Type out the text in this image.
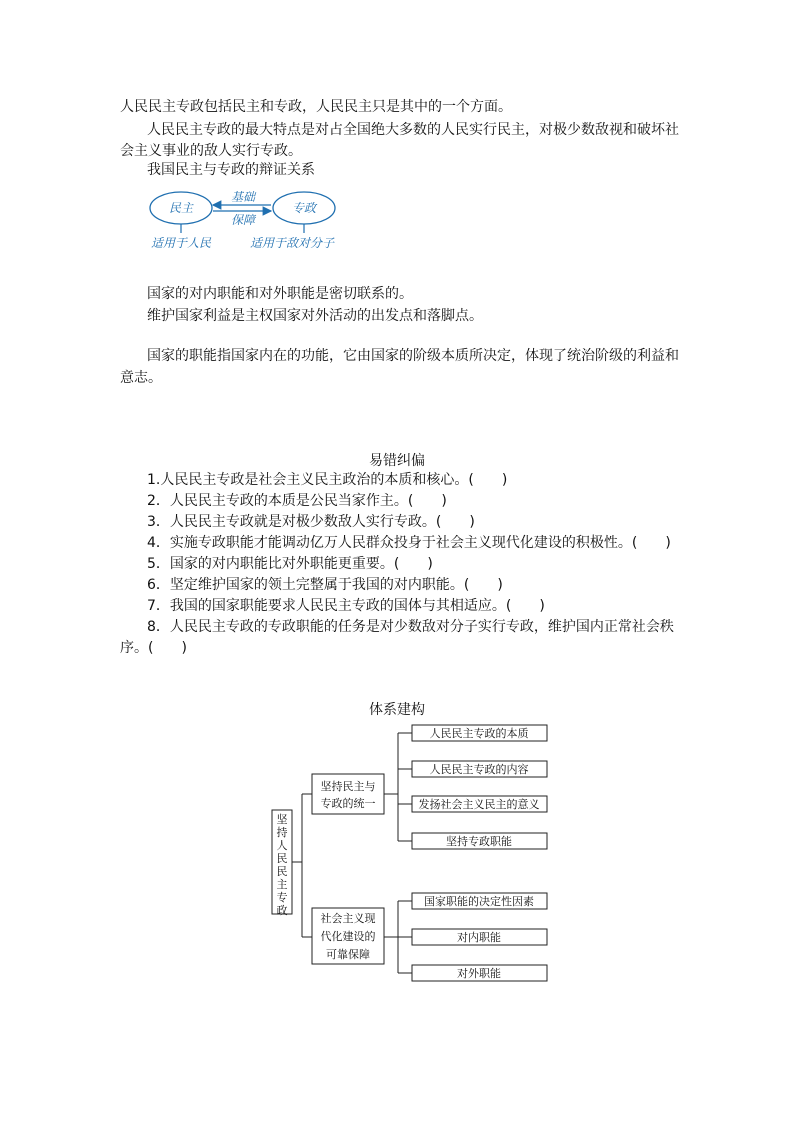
人民民主专政包括民主和专政，人民民主只是其中的一个方面。
人民民主专政的最大特点是对占全国绝大多数的人民实行民主，对极少数敌视和破坏社
会主义事业的敌人实行专政。
我国民主与专政的辩证关系
民主	专政
基础
保障
适用于人民	适用于敌对分子
国家的对内职能和对外职能是密切联系的。
维护国家利益是主权国家对外活动的出发点和落脚点。
国家的职能指国家内在的功能，它由国家的阶级本质所决定，体现了统治阶级的利益和
意志。
易错纠偏
1.人民民主专政是社会主义民主政治的本质和核心。(　　)
2．人民民主专政的本质是公民当家作主。(　　)
3．人民民主专政就是对极少数敌人实行专政。(　　)
4．实施专政职能才能调动亿万人民群众投身于社会主义现代化建设的积极性。(　　)
5．国家的对内职能比对外职能更重要。(　　)
6．坚定维护国家的领土完整属于我国的对内职能。(　　)
7．我国的国家职能要求人民民主专政的国体与其相适应。(　　)
8．人民民主专政的专政职能的任务是对少数敌对分子实行专政，维护国内正常社会秩
序。(　　)
体系建构
坚持人民民主专政
坚持民主与
专政的统一
社会主义现
代化建设的
可靠保障
人民民主专政的本质
人民民主专政的内容
发扬社会主义民主的意义
坚持专政职能
国家职能的决定性因素
对内职能
对外职能
